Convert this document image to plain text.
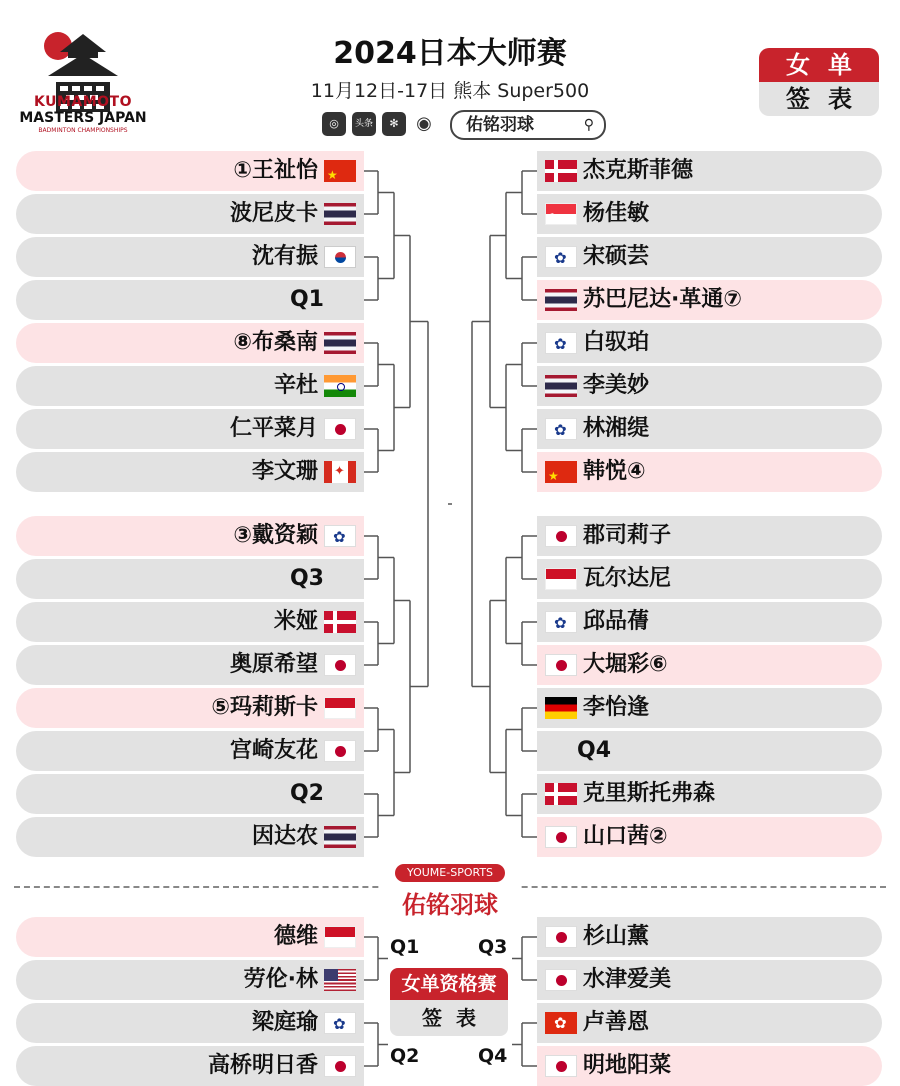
KUMAMOTO
MASTERS JAPAN
BADMINTON CHAMPIONSHIPS
2024日本大师赛
11月12日-17日 熊本 Super500
◎	头条	✻ ◉	佑铭羽球	⚲
女单
签表
①王祉怡★
波尼皮卡
沈有振
Q1
⑧布桑南
辛杜
仁平菜月
李文珊✦
③戴资颖✿
Q3
米娅
奥原希望
⑤玛莉斯卡
宫崎友花
Q2
因达农
杰克斯菲德
☾杨佳敏
✿宋硕芸
苏巴尼达·革通⑦
✿白驭珀
李美妙
✿林湘缇
★韩悦④
郡司莉子
瓦尔达尼
✿邱品蒨
大堀彩⑥
李怡逢
Q4
克里斯托弗森
山口茜②
YOUME-SPORTS
佑铭羽球
德维
劳伦·林
梁庭瑜✿
高桥明日香
杉山薰
水津爱美
✿卢善恩
明地阳菜
Q1
Q2
Q3
Q4
女单资格赛
签表
